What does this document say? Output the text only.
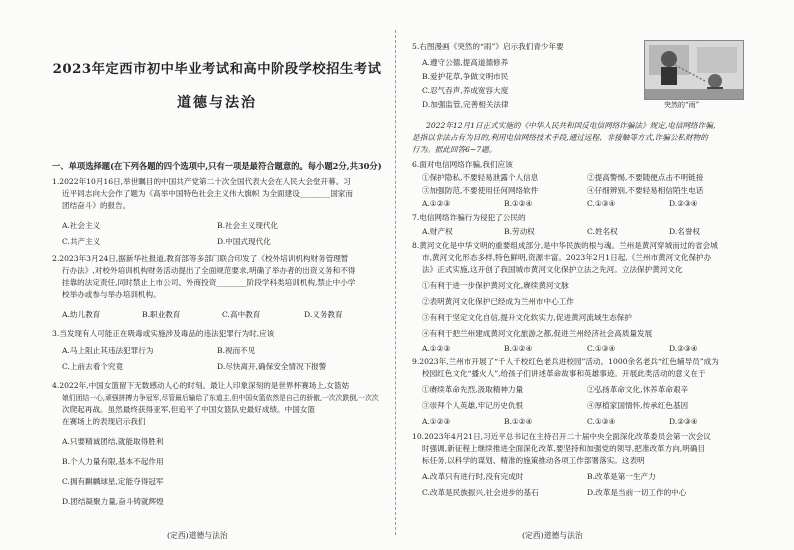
2023年定西市初中毕业考试和高中阶段学校招生考试
道德与法治
一、单项选择题(在下列各题的四个选项中,只有一项是最符合题意的。每小题2分,共30分)
1.2022年10月16日,举世瞩目的中国共产党第二十次全国代表大会在人民大会堂开幕。习
近平同志向大会作了题为《高举中国特色社会主义伟大旗帜 为全面建设________国家而
团结奋斗》的报告。
A.社会主义	B.社会主义现代化
C.共产主义	D.中国式现代化
2.2023年3月24日,据新华社报道,教育部等多部门联合印发了《校外培训机构财务管理暂
行办法》,对校外培训机构财务活动提出了全面规范要求,明确了举办者的出资义务和不得
挂靠的法定责任,同时禁止上市公司、外商投资________阶段学科类培训机构,禁止中小学
校举办或参与举办培训机构。
A.幼儿教育	B.职业教育	C.高中教育	D.义务教育
3.当发现有人可能正在吸毒或实施涉及毒品的违法犯罪行为时,应该
A.马上阻止其违法犯罪行为	B.视而不见
C.上前去看个究竟	D.尽快离开,确保安全情况下报警
4.2022年,中国女篮留下无数感动人心的时刻。最让人印象深刻的是世界杯赛场上,女篮姑
娘们团结一心,顽强拼搏力争冠军,尽管最后输给了东道主,但中国女篮依然是自己的骄傲,一次次跌倒,一次次
次爬起再战。虽然最终获得亚军,但追平了中国女篮队史最好成绩。中国女篮
在赛场上的表现启示我们
A.只要精诚团结,就能取得胜利
B.个人力量有限,基本不起作用
C.拥有麒麟球星,定能夺得冠军
D.团结凝聚力量,奋斗铸就辉煌
(定西)道德与法治
5.右图漫画《突然的“雨”》启示我们青少年要
A.遵守公德,提高道德修养
B.爱护花草,争做文明市民
C.忍气吞声,养成宽容大度
D.加强监管,完善相关法律	突然的“雨”
2022年12月1日正式实施的《中华人民共和国反电信网络诈骗法》规定,电信网络诈骗,
是指以非法占有为目的,利用电信网络技术手段,通过远程、非接触等方式,诈骗公私财物的
行为。据此回答6~7题。
6.面对电信网络诈骗,我们应该
①保护隐私,不要轻易泄露个人信息	②提高警惕,不要随便点击不明链接
③加强防范,不要使用任何网络软件	④仔细辨别,不要轻易相信陌生电话
A.①②③	B.①②④	C.①③④	D.②③④
7.电信网络诈骗行为侵犯了公民的
A.财产权	B.劳动权	C.姓名权	D.名誉权
8.黄河文化是中华文明的重要组成部分,是中华民族的根与魂。兰州是黄河穿城而过的省会城
市,黄河文化形态多样,特色鲜明,资源丰富。2023年2月1日起,《兰州市黄河文化保护办
法》正式实施,这开创了我国城市黄河文化保护立法之先河。立法保护黄河文化
①有利于进一步保护黄河文化,赓续黄河文脉
②表明黄河文化保护已经成为兰州市中心工作
③有利于坚定文化自信,提升文化软实力,促进黄河流域生态保护
④有利于把兰州建成黄河文化旅游之都,促进兰州经济社会高质量发展
A.①②③	B.①②④	C.①③④	D.②③④
9.2023年,兰州市开展了“千人千校红色老兵进校园”活动。1000余名老兵“红色辅导员”成为
校园红色文化“播火人”,给孩子们讲述革命故事和英雄事迹。开展此类活动的意义在于
①赓续革命先烈,汲取精神力量	②弘扬革命文化,休养革命艰辛
③崇拜个人英雄,牢记历史仇恨	④厚植家国情怀,传承红色基因
A.①②③	B.①②④	C.①③④	D.②③④
10.2023年4月21日,习近平总书记在主持召开二十届中央全面深化改革委员会第一次会议
时强调,新征程上继续推进全面深化改革,要坚持和加强党的领导,把准改革方向,明确目
标任务,以科学的谋划、精准的施策推动各项工作部署落实。这表明
A.改革只有进行时,没有完成时	B.改革是第一生产力
C.改革是民族振兴,社会进步的基石	D.改革是当前一切工作的中心
(定西)道德与法治
